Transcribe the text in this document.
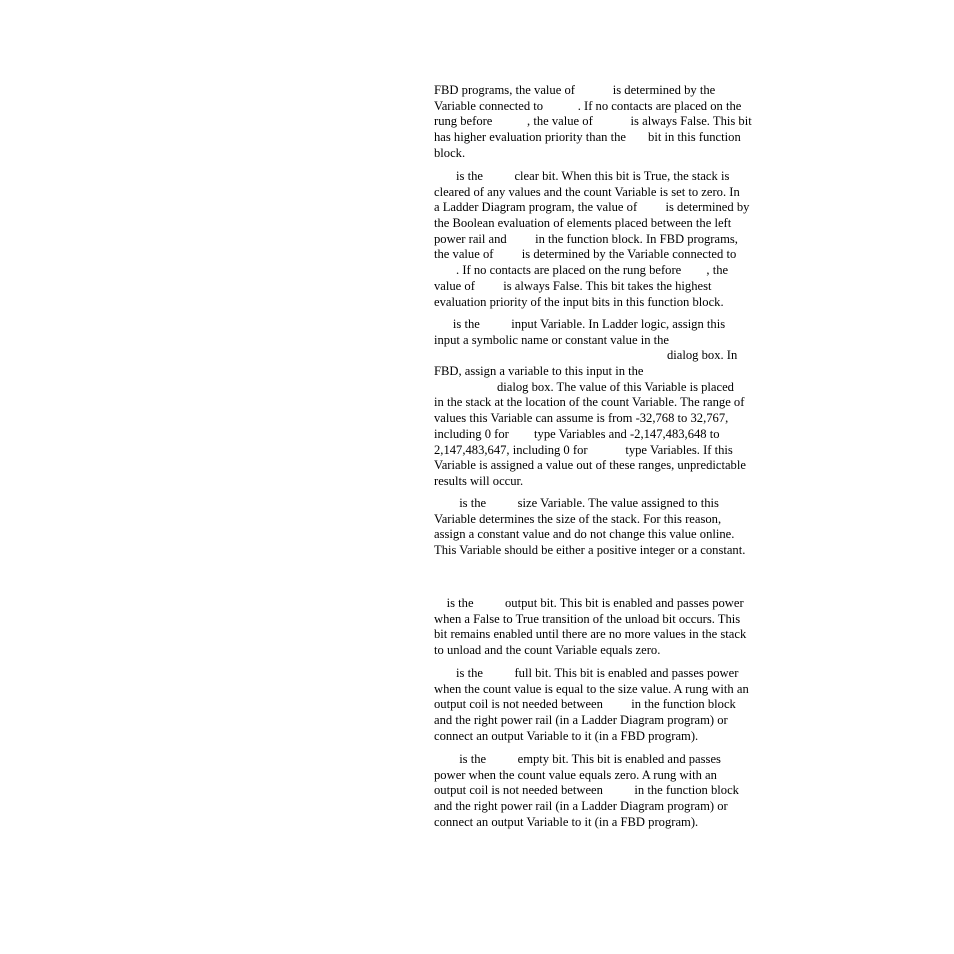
FBD programs, the value of            is determined by the
Variable connected to           . If no contacts are placed on the
rung before           , the value of            is always False. This bit
has higher evaluation priority than the       bit in this function
block.
is the          clear bit. When this bit is True, the stack is
cleared of any values and the count Variable is set to zero. In
a Ladder Diagram program, the value of         is determined by
the Boolean evaluation of elements placed between the left
power rail and         in the function block. In FBD programs,
the value of         is determined by the Variable connected to
. If no contacts are placed on the rung before        , the
value of         is always False. This bit takes the highest
evaluation priority of the input bits in this function block.
is the          input Variable. In Ladder logic, assign this
input a symbolic name or constant value in the
dialog box. In
FBD, assign a variable to this input in the
dialog box. The value of this Variable is placed
in the stack at the location of the count Variable. The range of
values this Variable can assume is from -32,768 to 32,767,
including 0 for        type Variables and -2,147,483,648 to
2,147,483,647, including 0 for            type Variables. If this
Variable is assigned a value out of these ranges, unpredictable
results will occur.
is the          size Variable. The value assigned to this
Variable determines the size of the stack. For this reason,
assign a constant value and do not change this value online.
This Variable should be either a positive integer or a constant.
is the          output bit. This bit is enabled and passes power
when a False to True transition of the unload bit occurs. This
bit remains enabled until there are no more values in the stack
to unload and the count Variable equals zero.
is the          full bit. This bit is enabled and passes power
when the count value is equal to the size value. A rung with an
output coil is not needed between         in the function block
and the right power rail (in a Ladder Diagram program) or
connect an output Variable to it (in a FBD program).
is the          empty bit. This bit is enabled and passes
power when the count value equals zero. A rung with an
output coil is not needed between          in the function block
and the right power rail (in a Ladder Diagram program) or
connect an output Variable to it (in a FBD program).
